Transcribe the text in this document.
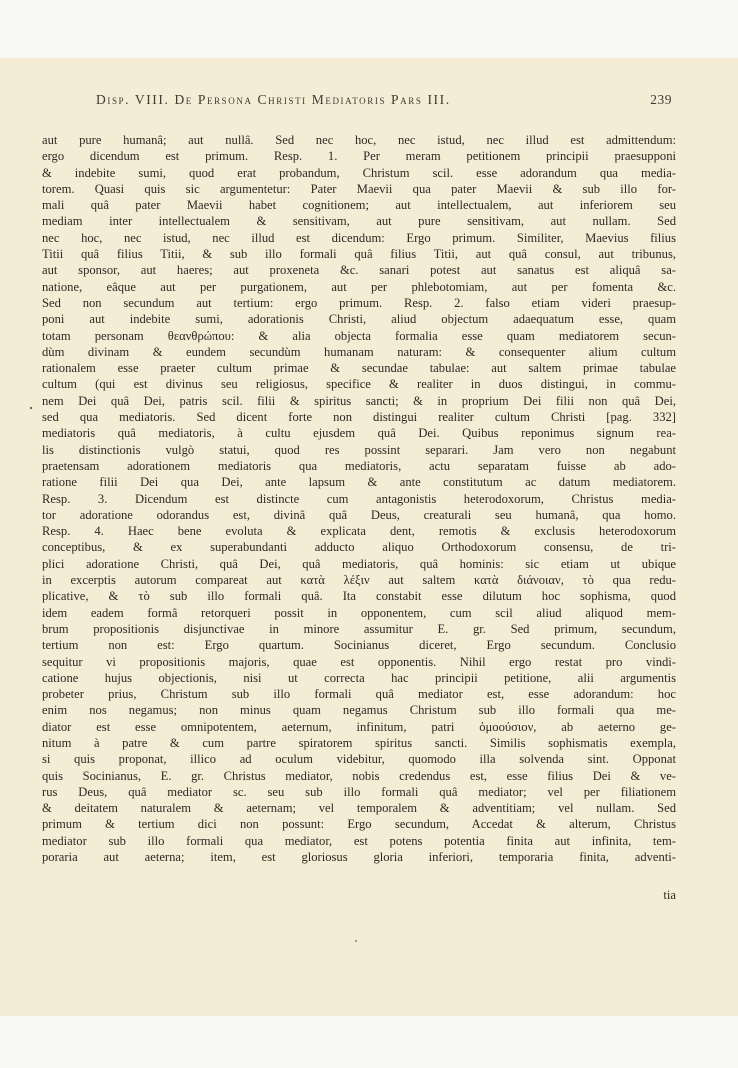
Disp. VIII. De Persona Christi Mediatoris Pars III.	239
aut pure humanâ; aut nullâ. Sed nec hoc, nec istud, nec illud est admittendum:
ergo dicendum est primum. Resp. 1. Per meram petitionem principii praesupponi
& indebite sumi, quod erat probandum, Christum scil. esse adorandum qua media-
torem. Quasi quis sic argumentetur: Pater Maevii qua pater Maevii & sub illo for-
mali quâ pater Maevii habet cognitionem; aut intellectualem, aut inferiorem seu
mediam inter intellectualem & sensitivam, aut pure sensitivam, aut nullam. Sed
nec hoc, nec istud, nec illud est dicendum: Ergo primum. Similiter, Maevius filius
Titii quâ filius Titii, & sub illo formali quâ filius Titii, aut quâ consul, aut tribunus,
aut sponsor, aut haeres; aut proxeneta &c. sanari potest aut sanatus est aliquâ sa-
natione, eâque aut per purgationem, aut per phlebotomiam, aut per fomenta &c.
Sed non secundum aut tertium: ergo primum. Resp. 2. falso etiam videri praesup-
poni aut indebite sumi, adorationis Christi, aliud objectum adaequatum esse, quam
totam personam θεανθρώπου: & alia objecta formalia esse quam mediatorem secun-
dùm divinam & eundem secundùm humanam naturam: & consequenter alium cultum
rationalem esse praeter cultum primae & secundae tabulae: aut saltem primae tabulae
cultum (qui est divinus seu religiosus, specifice & realiter in duos distingui, in commu-
nem Dei quâ Dei, patris scil. filii & spiritus sancti; & in proprium Dei filii non quâ Dei,
sed qua mediatoris. Sed dicent forte non distingui realiter cultum Christi [pag. 332]
mediatoris quâ mediatoris, à cultu ejusdem quâ Dei. Quibus reponimus signum rea-
lis distinctionis vulgò statui, quod res possint separari. Jam vero non negabunt
praetensam adorationem mediatoris qua mediatoris, actu separatam fuisse ab ado-
ratione filii Dei qua Dei, ante lapsum & ante constitutum ac datum mediatorem.
Resp. 3. Dicendum est distincte cum antagonistis heterodoxorum, Christus media-
tor adoratione odorandus est, divinâ quâ Deus, creaturali seu humanâ, qua homo.
Resp. 4. Haec bene evoluta & explicata dent, remotis & exclusis heterodoxorum
conceptibus, & ex superabundanti adducto aliquo Orthodoxorum consensu, de tri-
plici adoratione Christi, quâ Dei, quâ mediatoris, quâ hominis: sic etiam ut ubique
in excerptis autorum compareat aut κατὰ λέξιν aut saltem κατὰ διάνοιαν, τὸ qua redu-
plicative, & τὸ sub illo formali quâ. Ita constabit esse dilutum hoc sophisma, quod
idem eadem formâ retorqueri possit in opponentem, cum scil aliud aliquod mem-
brum propositionis disjunctivae in minore assumitur E. gr. Sed primum, secundum,
tertium non est: Ergo quartum. Socinianus diceret, Ergo secundum. Conclusio
sequitur vi propositionis majoris, quae est opponentis. Nihil ergo restat pro vindi-
catione hujus objectionis, nisi ut correcta hac principii petitione, alii argumentis
probeter prius, Christum sub illo formali quâ mediator est, esse adorandum: hoc
enim nos negamus; non minus quam negamus Christum sub illo formali qua me-
diator est esse omnipotentem, aeternum, infinitum, patri ὁμοούσιον, ab aeterno ge-
nitum à patre & cum partre spiratorem spiritus sancti. Similis sophismatis exempla,
si quis proponat, illico ad oculum videbitur, quomodo illa solvenda sint. Opponat
quis Socinianus, E. gr. Christus mediator, nobis credendus est, esse filius Dei & ve-
rus Deus, quâ mediator sc. seu sub illo formali quâ mediator; vel per filiationem
& deitatem naturalem & aeternam; vel temporalem & adventitiam; vel nullam. Sed
primum & tertium dici non possunt: Ergo secundum, Accedat & alterum, Christus
mediator sub illo formali qua mediator, est potens potentia finita aut infinita, tem-
poraria aut aeterna; item, est gloriosus gloria inferiori, temporaria finita, adventi-
tia
